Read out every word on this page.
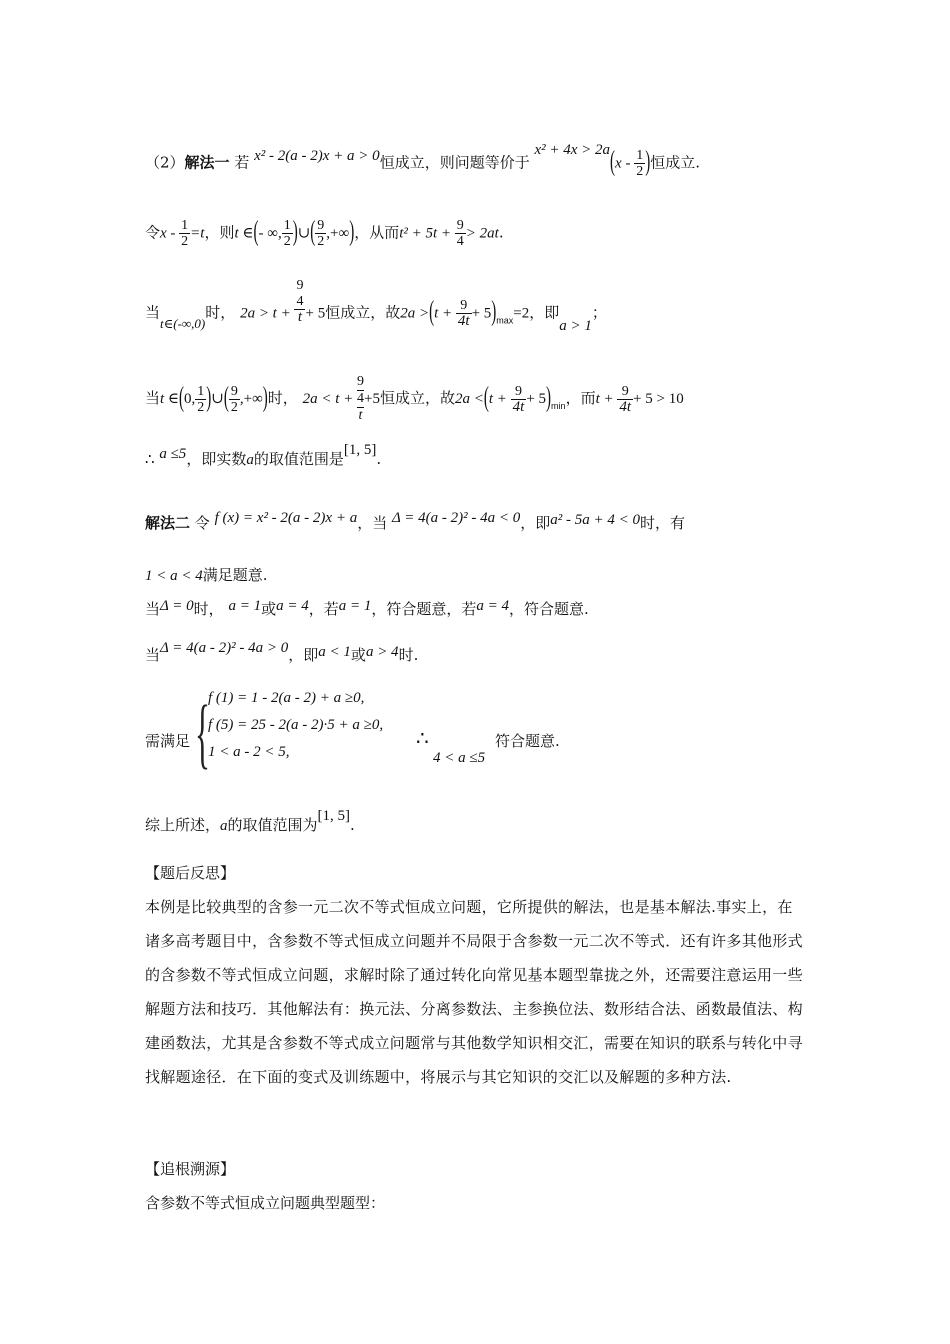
（2）解法一 若 x² - 2(a - 2)x + a > 0恒成立，则问题等价于 $x^2 + 4x > 2a(x - \frac{1}{2}$ )恒成立.
令$x - \frac{1}{2} =t$，则t ∈(- ∞, $\frac{1}{2}$ )∪( $\frac{9}{2}$ ,+∞)，从而$t^2 + 5t + \frac{9}{4} > 2at$.
当t∈(-∞,0)时， 2a > t +
9
$\frac{4}{t} + 5$恒成立，故$2a >(t + \frac{9}{4t} + 5)_{max}=2$，即a > 1；
当t ∈(0, $\frac{1}{2}$ )∪( $\frac{9}{2}$ ,+∞)时， 2a < t +
9
4
t
+5恒成立，故$2a <(t + \frac{9}{4t} + 5)_{min}$，而$t + \frac{9}{4t} + 5 > 10$
∴ a ≤5，即实数a的取值范围是[1, 5].
解法二 令 f (x) = x² - 2(a - 2)x + a，当 Δ = 4(a - 2)² - 4a < 0，即a² - 5a + 4 < 0时，有
1 < a < 4满足题意.
当Δ = 0时， a = 1或a = 4，若a = 1，符合题意，若a = 4，符合题意.
当Δ = 4(a - 2)² - 4a > 0，即a < 1或a > 4时.
需满足 {
f (1) = 1 - 2(a - 2) + a ≥0,
f (5) = 25 - 2(a - 2)·5 + a ≥0,
1 < a - 2 < 5,
∴
4 < a ≤5
符合题意.
综上所述，a的取值范围为[1, 5].
【题后反思】
本例是比较典型的含参一元二次不等式恒成立问题，它所提供的解法，也是基本解法.事实上，在诸多高考题目中，含参数不等式恒成立问题并不局限于含参数一元二次不等式．还有许多其他形式的含参数不等式恒成立问题，求解时除了通过转化向常见基本题型靠拢之外，还需要注意运用一些解题方法和技巧．其他解法有：换元法、分离参数法、主参换位法、数形结合法、函数最值法、构建函数法，尤其是含参数不等式成立问题常与其他数学知识相交汇，需要在知识的联系与转化中寻找解题途径．在下面的变式及训练题中，将展示与其它知识的交汇以及解题的多种方法.
【追根溯源】
含参数不等式恒成立问题典型题型：
